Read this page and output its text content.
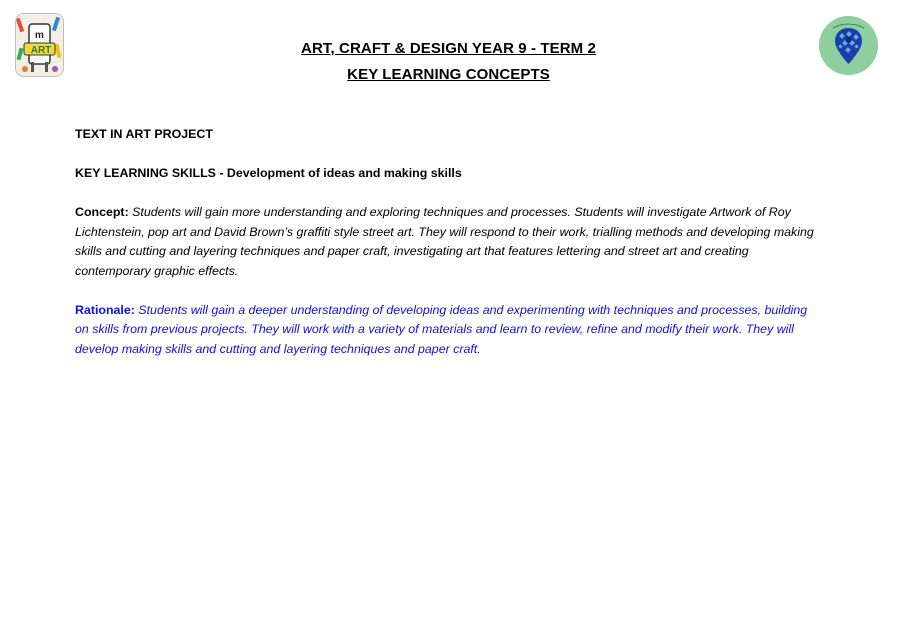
m
ART	ART, CRAFT & DESIGN YEAR 9 - TERM 2
KEY LEARNING CONCEPTS
TEXT IN ART PROJECT
KEY LEARNING SKILLS - Development of ideas and making skills
Concept: Students will gain more understanding and exploring techniques and processes. Students will investigate Artwork of Roy Lichtenstein, pop art and David Brown’s graffiti style street art. They will respond to their work, trialling methods and developing making skills and cutting and layering techniques and paper craft, investigating art that features lettering and street art and creating contemporary graphic effects.
Rationale: Students will gain a deeper understanding of developing ideas and experimenting with techniques and processes, building on skills from previous projects. They will work with a variety of materials and learn to review, refine and modify their work. They will develop making skills and cutting and layering techniques and paper craft.
